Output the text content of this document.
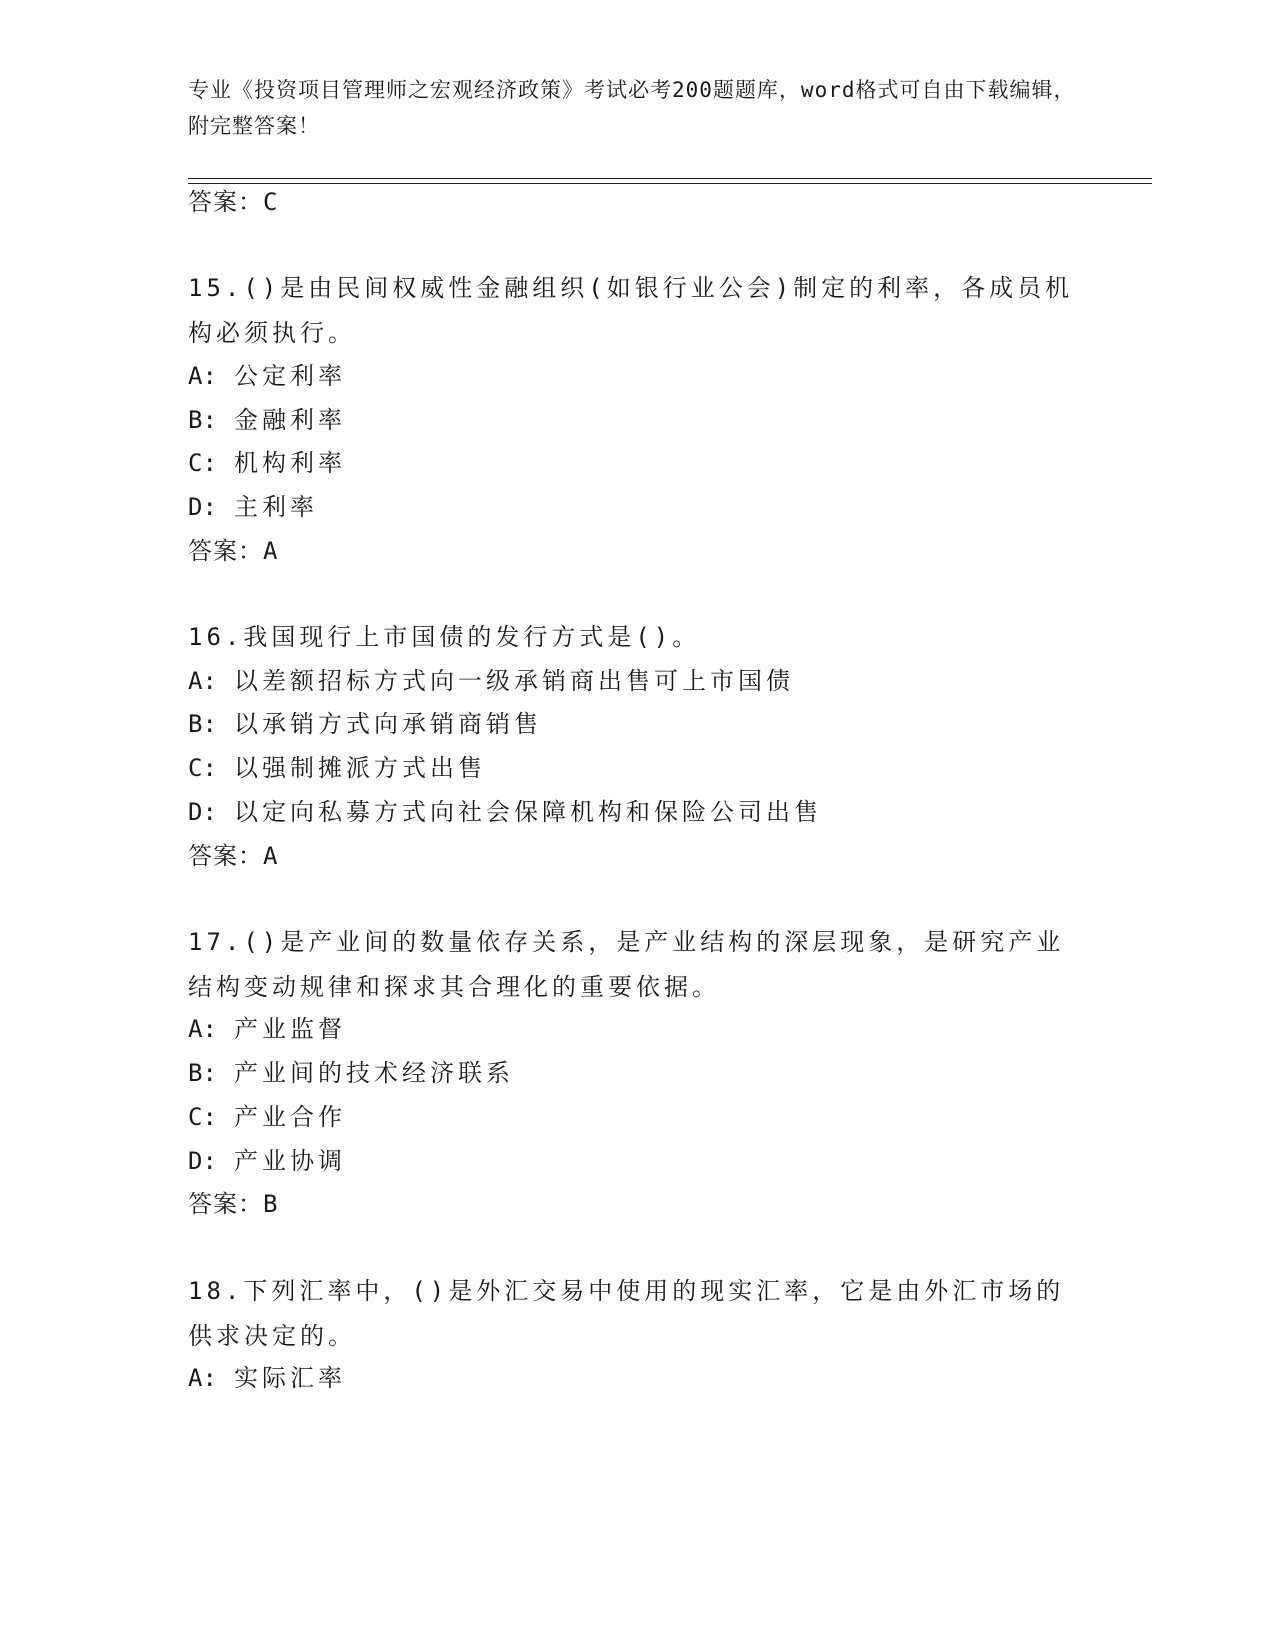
专业《投资项目管理师之宏观经济政策》考试必考200题题库，word格式可自由下载编辑，附完整答案！
答案：C
15.()是由民间权威性金融组织(如银行业公会)制定的利率，各成员机构必须执行。
A: 公定利率
B: 金融利率
C: 机构利率
D: 主利率
答案：A
16.我国现行上市国债的发行方式是()。
A: 以差额招标方式向一级承销商出售可上市国债
B: 以承销方式向承销商销售
C: 以强制摊派方式出售
D: 以定向私募方式向社会保障机构和保险公司出售
答案：A
17.()是产业间的数量依存关系，是产业结构的深层现象，是研究产业结构变动规律和探求其合理化的重要依据。
A: 产业监督
B: 产业间的技术经济联系
C: 产业合作
D: 产业协调
答案：B
18.下列汇率中，()是外汇交易中使用的现实汇率，它是由外汇市场的供求决定的。
A: 实际汇率
